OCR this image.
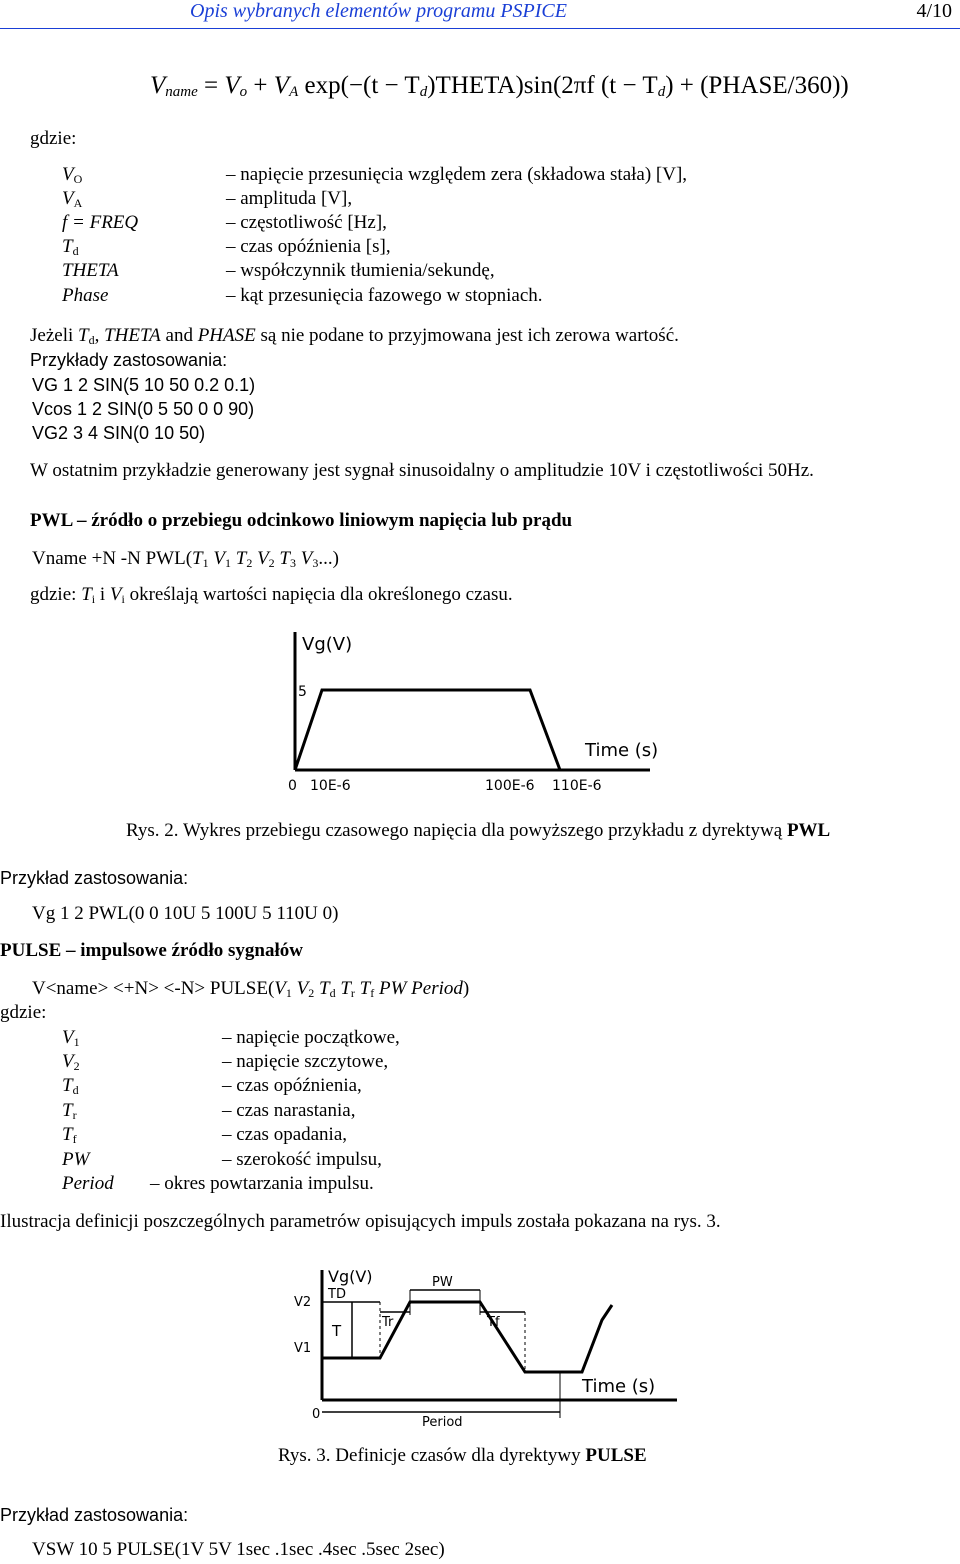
Opis wybranych elementów programu PSPICE	4/10
$V_{name} = V_o + V_A$ $\exp(-(t - T_d)THETA)\sin(2\pi f$ $(t - T_d)$ + (PHASE/360))
gdzie:
$V_O$	– napięcie przesunięcia względem zera (składowa stała) [V],
$V_A$	– amplituda [V],
f = FREQ	– częstotliwość [Hz],
$T_d$	– czas opóźnienia [s],
THETA	– współczynnik tłumienia/sekundę,
Phase	– kąt przesunięcia fazowego w stopniach.
Jeżeli $T_d$, THETA and PHASE są nie podane to przyjmowana jest ich zerowa wartość.
Przykłady zastosowania:
VG 1 2 SIN(5 10 50 0.2 0.1)
Vcos 1 2 SIN(0 5 50 0 0 90)
VG2 3 4 SIN(0 10 50)
W ostatnim przykładzie generowany jest sygnał sinusoidalny o amplitudzie 10V i częstotliwości 50Hz.
PWL – źródło o przebiegu odcinkowo liniowym napięcia lub prądu
Vname +N -N $PWL(T_1$ $V_1$ $T_2$ $V_2$ $T_3$ $V_3$...)
gdzie: $T_i$ i $V_i$ określają wartości napięcia dla określonego czasu.
Vg(V)
5
Time (s)
0 10E-6	100E-6 110E-6
Rys. 2. Wykres przebiegu czasowego napięcia dla powyższego przykładu z dyrektywą PWL
Przykład zastosowania:
Vg 1 2 PWL(0 0 10U 5 100U 5 110U 0)
PULSE – impulsowe źródło sygnałów
V<name> $<+N> <-N> PULSE(V_1$ $V_2$ $T_d$ $T_r$ $T_f$ PW Period)
gdzie:
$V_1$	– napięcie początkowe,
$V_2$	– napięcie szczytowe,
$T_d$	– czas opóźnienia,
$T_r$	– czas narastania,
$T_f$	– czas opadania,
PW	– szerokość impulsu,
Period – okres powtarzania impulsu.
Ilustracja definicji poszczególnych parametrów opisujących impuls została pokazana na rys. 3.
Vg(V)
V2
TD
Tr
PW
Tf
T
V1
0
Period
Time (s)
Rys. 3. Definicje czasów dla dyrektywy PULSE
Przykład zastosowania:
VSW 10 5 PULSE(1V 5V 1sec .1sec .4sec .5sec 2sec)
